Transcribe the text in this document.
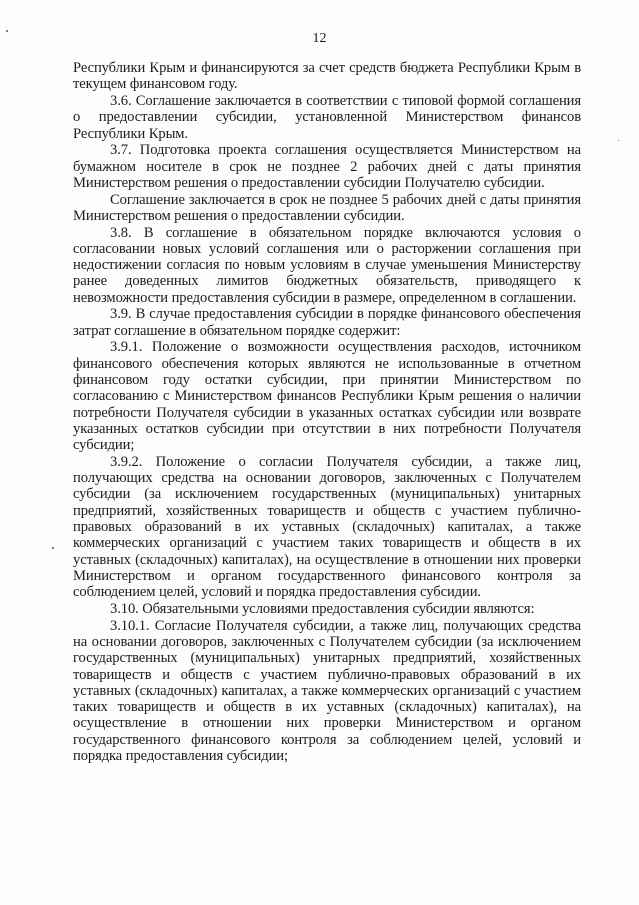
12

Республики Крым и финансируются за счет средств бюджета Республики Крым в текущем финансовом году.

3.6. Соглашение заключается в соответствии с типовой формой соглашения о предоставлении субсидии, установленной Министерством финансов Республики Крым.

3.7. Подготовка проекта соглашения осуществляется Министерством на бумажном носителе в срок не позднее 2 рабочих дней с даты принятия Министерством решения о предоставлении субсидии Получателю субсидии.

Соглашение заключается в срок не позднее 5 рабочих дней с даты принятия Министерством решения о предоставлении субсидии.

3.8. В соглашение в обязательном порядке включаются условия о согласовании новых условий соглашения или о расторжении соглашения при недостижении согласия по новым условиям в случае уменьшения Министерству ранее доведенных лимитов бюджетных обязательств, приводящего к невозможности предоставления субсидии в размере, определенном в соглашении.

3.9. В случае предоставления субсидии в порядке финансового обеспечения затрат соглашение в обязательном порядке содержит:

3.9.1. Положение о возможности осуществления расходов, источником финансового обеспечения которых являются не использованные в отчетном финансовом году остатки субсидии, при принятии Министерством по согласованию с Министерством финансов Республики Крым решения о наличии потребности Получателя субсидии в указанных остатках субсидии или возврате указанных остатков субсидии при отсутствии в них потребности Получателя субсидии;

3.9.2. Положение о согласии Получателя субсидии, а также лиц, получающих средства на основании договоров, заключенных с Получателем субсидии (за исключением государственных (муниципальных) унитарных предприятий, хозяйственных товариществ и обществ с участием публично-правовых образований в их уставных (складочных) капиталах, а также коммерческих организаций с участием таких товариществ и обществ в их уставных (складочных) капиталах), на осуществление в отношении них проверки Министерством и органом государственного финансового контроля за соблюдением целей, условий и порядка предоставления субсидии.

3.10. Обязательными условиями предоставления субсидии являются:

3.10.1. Согласие Получателя субсидии, а также лиц, получающих средства на основании договоров, заключенных с Получателем субсидии (за исключением государственных (муниципальных) унитарных предприятий, хозяйственных товариществ и обществ с участием публично-правовых образований в их уставных (складочных) капиталах, а также коммерческих организаций с участием таких товариществ и обществ в их уставных (складочных) капиталах), на осуществление в отношении них проверки Министерством и органом государственного финансового контроля за соблюдением целей, условий и порядка предоставления субсидии;
